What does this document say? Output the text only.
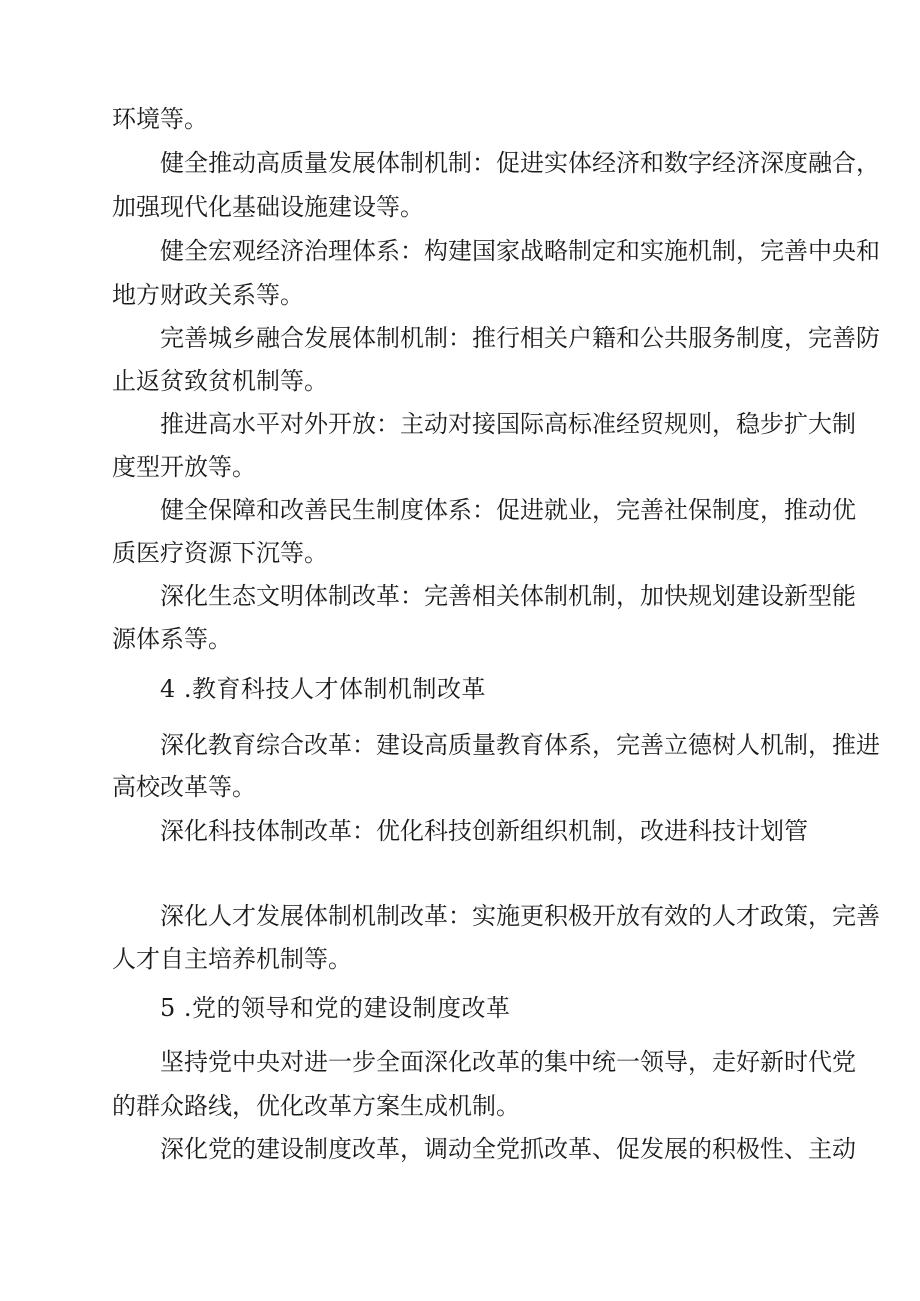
环境等。

健全推动高质量发展体制机制：促进实体经济和数字经济深度融合，

加强现代化基础设施建设等。

健全宏观经济治理体系：构建国家战略制定和实施机制，完善中央和

地方财政关系等。

完善城乡融合发展体制机制：推行相关户籍和公共服务制度，完善防

止返贫致贫机制等。

推进高水平对外开放：主动对接国际高标准经贸规则，稳步扩大制

度型开放等。

健全保障和改善民生制度体系：促进就业，完善社保制度，推动优

质医疗资源下沉等。

深化生态文明体制改革：完善相关体制机制，加快规划建设新型能

源体系等。

4 .教育科技人才体制机制改革

深化教育综合改革：建设高质量教育体系，完善立德树人机制，推进

高校改革等。

深化科技体制改革：优化科技创新组织机制，改进科技计划管

深化人才发展体制机制改革：实施更积极开放有效的人才政策，完善

人才自主培养机制等。

5 .党的领导和党的建设制度改革

坚持党中央对进一步全面深化改革的集中统一领导，走好新时代党

的群众路线，优化改革方案生成机制。

深化党的建设制度改革，调动全党抓改革、促发展的积极性、主动
